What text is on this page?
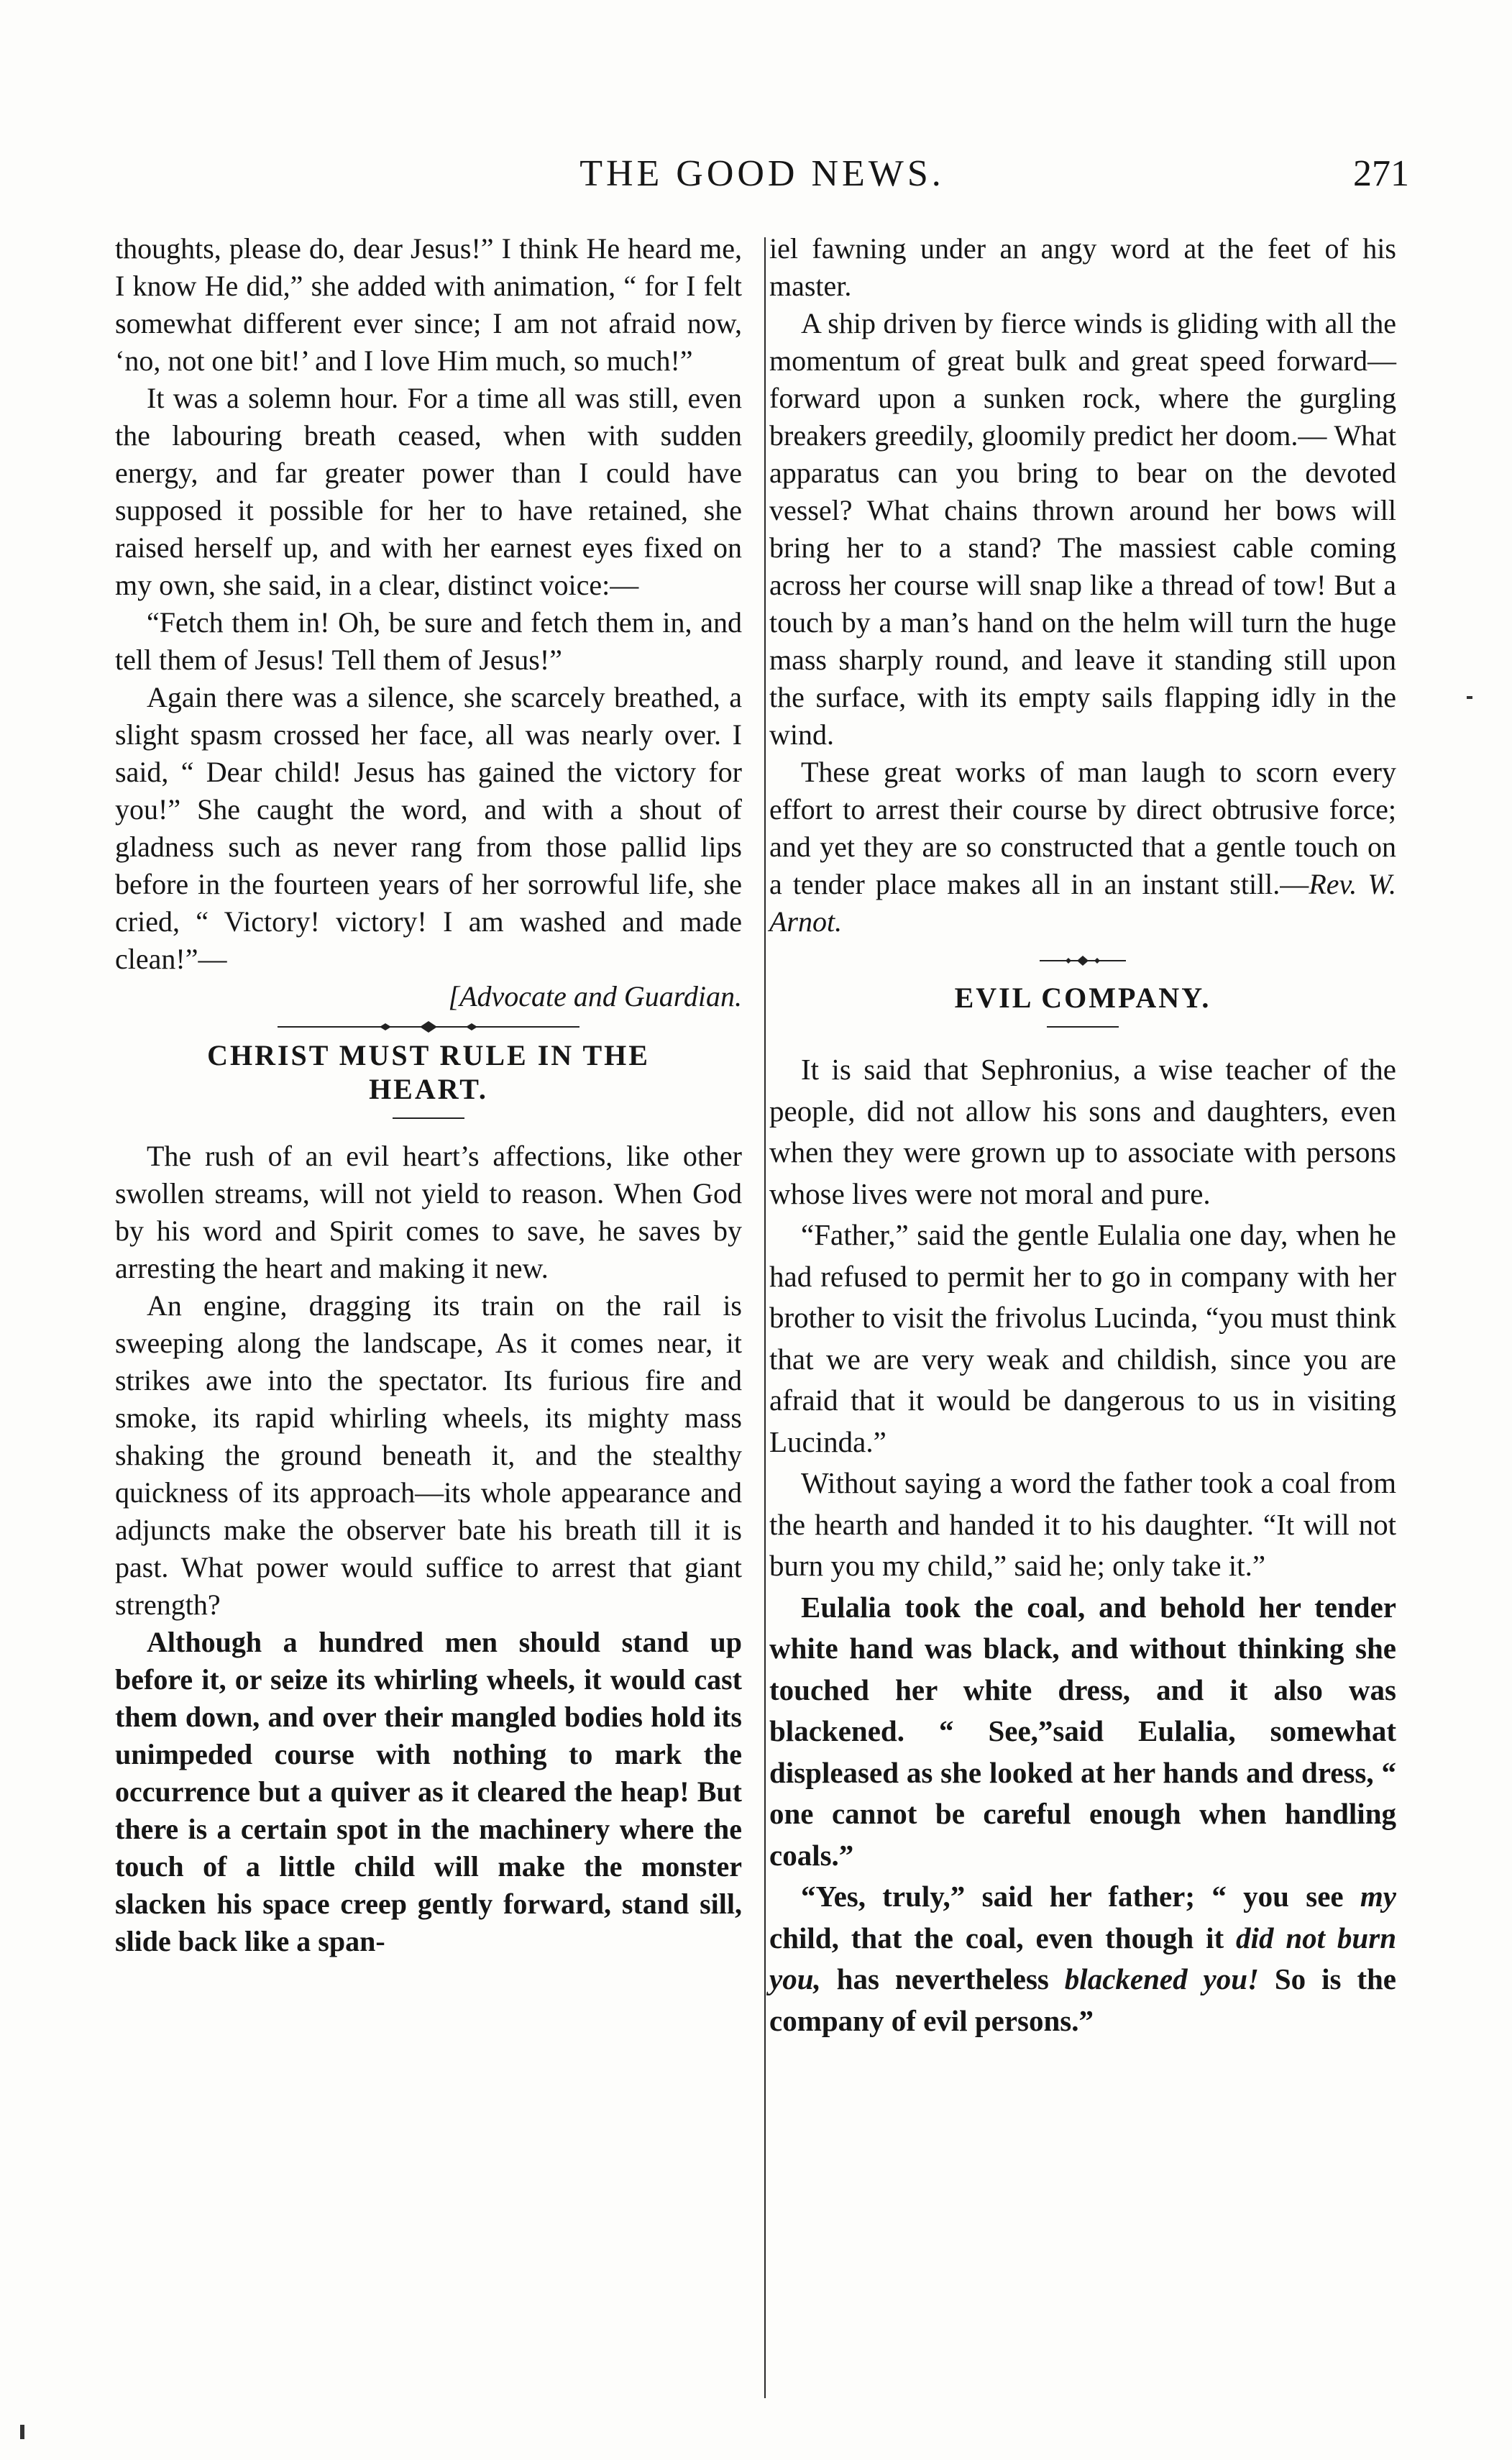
THE GOOD NEWS.	271

thoughts, please do, dear Jesus!” I think He heard me, I know He did,” she added with animation, “ for I felt somewhat different ever since; I am not afraid now, ‘no, not one bit!’ and I love Him much, so much!”

It was a solemn hour. For a time all was still, even the labouring breath ceased, when with sudden energy, and far greater power than I could have supposed it possible for her to have retained, she raised herself up, and with her earnest eyes fixed on my own, she said, in a clear, distinct voice:—

“Fetch them in! Oh, be sure and fetch them in, and tell them of Jesus! Tell them of Jesus!”

Again there was a silence, she scarcely breathed, a slight spasm crossed her face, all was nearly over. I said, “ Dear child! Jesus has gained the victory for you!” She caught the word, and with a shout of gladness such as never rang from those pallid lips before in the fourteen years of her sorrowful life, she cried, “ Victory! victory! I am washed and made clean!”—

[Advocate and Guardian.

CHRIST MUST RULE IN THE
HEART.

The rush of an evil heart’s affections, like other swollen streams, will not yield to reason. When God by his word and Spirit comes to save, he saves by arresting the heart and making it new.

An engine, dragging its train on the rail is sweeping along the landscape, As it comes near, it strikes awe into the spectator. Its furious fire and smoke, its rapid whirling wheels, its mighty mass shaking the ground beneath it, and the stealthy quickness of its approach—its whole appearance and adjuncts make the observer bate his breath till it is past. What power would suffice to arrest that giant strength?

Although a hundred men should stand up before it, or seize its whirling wheels, it would cast them down, and over their mangled bodies hold its unimpeded course with nothing to mark the occurrence but a quiver as it cleared the heap! But there is a certain spot in the machinery where the touch of a little child will make the monster slacken his space creep gently forward, stand sill, slide back like a span-

iel fawning under an angy word at the feet of his master.

A ship driven by fierce winds is gliding with all the momentum of great bulk and great speed forward—forward upon a sunken rock, where the gurgling breakers greedily, gloomily predict her doom.— What apparatus can you bring to bear on the devoted vessel? What chains thrown around her bows will bring her to a stand? The massiest cable coming across her course will snap like a thread of tow! But a touch by a man’s hand on the helm will turn the huge mass sharply round, and leave it standing still upon the surface, with its empty sails flapping idly in the wind.

These great works of man laugh to scorn every effort to arrest their course by direct obtrusive force; and yet they are so constructed that a gentle touch on a tender place makes all in an instant still.—Rev. W. Arnot.

EVIL COMPANY.

It is said that Sephronius, a wise teacher of the people, did not allow his sons and daughters, even when they were grown up to associate with persons whose lives were not moral and pure.

“Father,” said the gentle Eulalia one day, when he had refused to permit her to go in company with her brother to visit the frivolus Lucinda, “you must think that we are very weak and childish, since you are afraid that it would be dangerous to us in visiting Lucinda.”

Without saying a word the father took a coal from the hearth and handed it to his daughter. “It will not burn you my child,” said he; only take it.”

Eulalia took the coal, and behold her tender white hand was black, and without thinking she touched her white dress, and it also was blackened. “ See,”said Eulalia, somewhat displeased as she looked at her hands and dress, “ one cannot be careful enough when handling coals.”

“Yes, truly,” said her father; “ you see my child, that the coal, even though it did not burn you, has nevertheless blackened you! So is the company of evil persons.”
